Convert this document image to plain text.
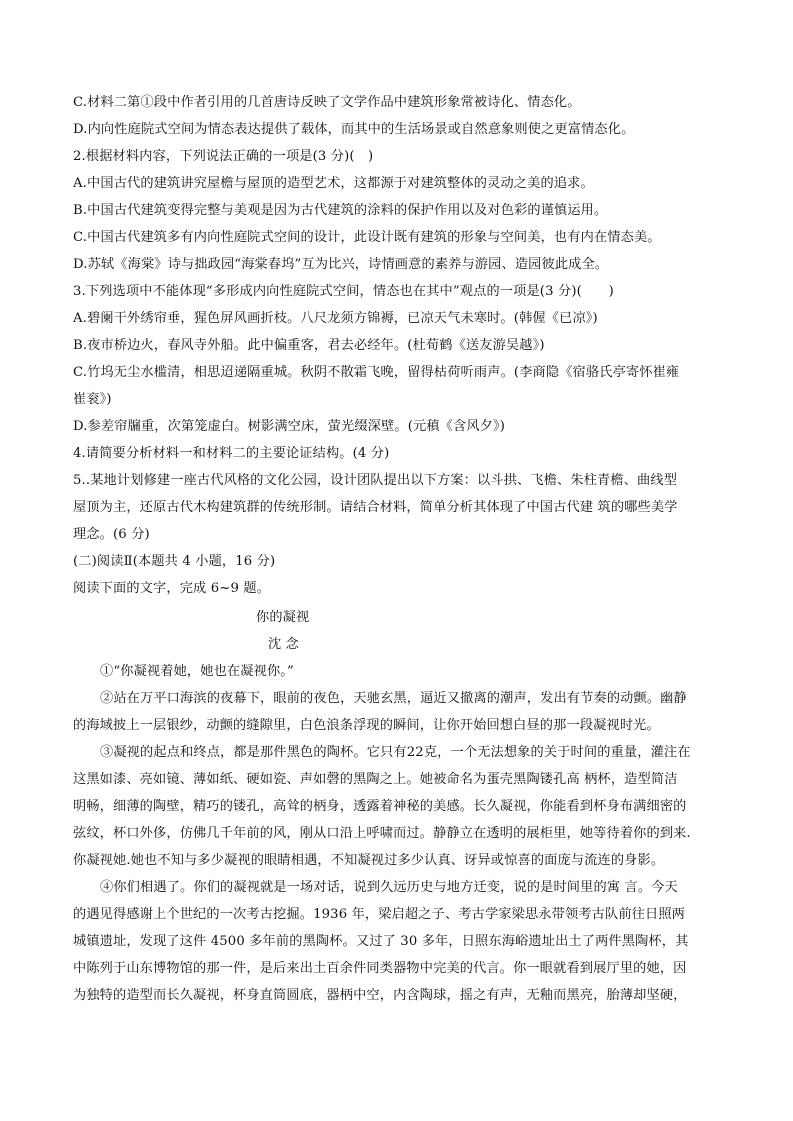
C.材料二第①段中作者引用的几首唐诗反映了文学作品中建筑形象常被诗化、情态化。
D.内向性庭院式空间为情态表达提供了载体，而其中的生活场景或自然意象则使之更富情态化。
2.根据材料内容，下列说法正确的一项是(3 分)(　)
A.中国古代的建筑讲究屋檐与屋顶的造型艺术，这都源于对建筑整体的灵动之美的追求。
B.中国古代建筑变得完整与美观是因为古代建筑的涂料的保护作用以及对色彩的谨慎运用。
C.中国古代建筑多有内向性庭院式空间的设计，此设计既有建筑的形象与空间美，也有内在情态美。
D.苏轼《海棠》诗与拙政园“海棠春坞”互为比兴，诗情画意的素养与游园、造园彼此成全。
3.下列选项中不能体现“多形成内向性庭院式空间，情态也在其中”观点的一项是(3 分)(　　)
A.碧阑干外绣帘垂，猩色屏风画折枝。八尺龙须方锦褥，已凉天气未寒时。(韩偓《已凉》)
B.夜市桥边火，春风寺外船。此中偏重客，君去必经年。(杜荀鹤《送友游吴越》)
C.竹坞无尘水槛清，相思迢递隔重城。秋阴不散霜飞晚，留得枯荷听雨声。(李商隐《宿骆氏亭寄怀崔雍
崔衮》)
D.参差帘牖重，次第笼虚白。树影满空床，萤光缀深壁。(元稹《含风夕》)
4.请简要分析材料一和材料二的主要论证结构。(4 分)
5..某地计划修建一座古代风格的文化公园，设计团队提出以下方案：以斗拱、飞檐、朱柱青檐、曲线型
屋顶为主，还原古代木构建筑群的传统形制。请结合材料，简单分析其体现了中国古代建 筑的哪些美学
理念。(6 分)
(二)阅读Ⅱ(本题共 4 小题，16 分)
阅读下面的文字，完成 6~9 题。
你的凝视
沈 念
①“你凝视着她，她也在凝视你。”
②站在万平口海滨的夜幕下，眼前的夜色，天驰玄黑，逼近又撤离的潮声，发出有节奏的动颤。幽静
的海域披上一层银纱，动颤的缝隙里，白色浪条浮现的瞬间，让你开始回想白昼的那一段凝视时光。
③凝视的起点和终点，都是那件黑色的陶杯。它只有22克，一个无法想象的关于时间的重量，灌注在
这黑如漆、亮如镜、薄如纸、硬如瓷、声如磬的黑陶之上。她被命名为蛋壳黑陶镂孔高 柄杯，造型简洁
明畅，细薄的陶壁，精巧的镂孔，高耸的柄身，透露着神秘的美感。长久凝视，你能看到杯身布满细密的
弦纹，杯口外侈，仿佛几千年前的风，刚从口沿上呼啸而过。静静立在透明的展柜里，她等待着你的到来.
你凝视她.她也不知与多少凝视的眼睛相遇，不知凝视过多少认真、讶异或惊喜的面庞与流连的身影。
④你们相遇了。你们的凝视就是一场对话，说到久远历史与地方迁变，说的是时间里的寓 言。今天
的遇见得感谢上个世纪的一次考古挖掘。1936 年，梁启超之子、考古学家梁思永带领考古队前往日照两
城镇遗址，发现了这件 4500 多年前的黑陶杯。又过了 30 多年，日照东海峪遗址出土了两件黑陶杯，其
中陈列于山东博物馆的那一件，是后来出土百余件同类器物中完美的代言。你一眼就看到展厅里的她，因
为独特的造型而长久凝视，杯身直筒圆底，器柄中空，内含陶球，摇之有声，无釉而黑亮，胎薄却坚硬，
